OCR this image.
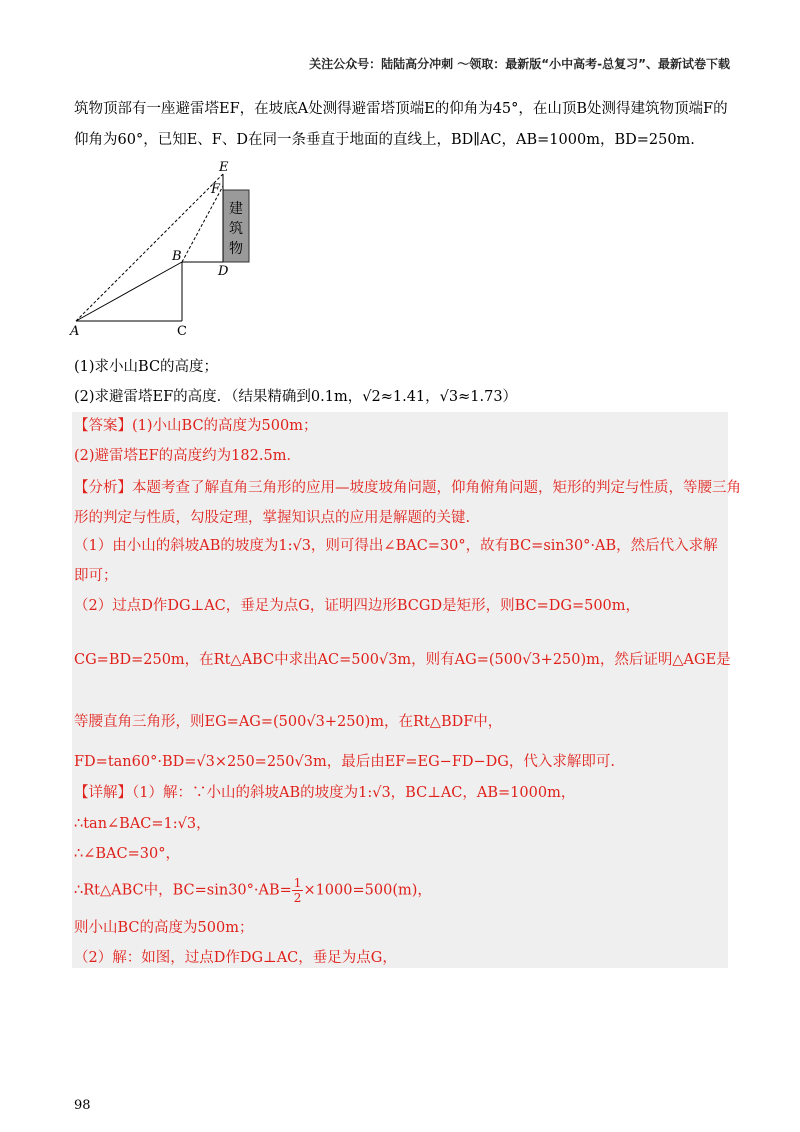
关注公众号：陆陆高分冲刺 〜领取：最新版“小中高考-总复习”、最新试卷下载
筑物顶部有一座避雷塔EF，在坡底A处测得避雷塔顶端E的仰角为45°，在山顶B处测得建筑物顶端F的
仰角为60°，已知E、F、D在同一条垂直于地面的直线上，BD∥AC，AB=1000m，BD=250m.
建
筑
物
E
F
B
D
A	C
(1)求小山BC的高度；
(2)求避雷塔EF的高度．（结果精确到0.1m，√2≈1.41，√3≈1.73）
【答案】(1)小山BC的高度为500m；
(2)避雷塔EF的高度约为182.5m．
【分析】本题考查了解直角三角形的应用—坡度坡角问题，仰角俯角问题，矩形的判定与性质，等腰三角
形的判定与性质，勾股定理，掌握知识点的应用是解题的关键.
（1）由小山的斜坡AB的坡度为1:√3，则可得出∠BAC=30°，故有BC=sin30°·AB，然后代入求解
即可；
（2）过点D作DG⊥AC，垂足为点G，证明四边形BCGD是矩形，则BC=DG=500m，
CG=BD=250m，在Rt△ABC中求出AC=500√3m，则有AG=(500√3+250)m，然后证明△AGE是
等腰直角三角形，则EG=AG=(500√3+250)m，在Rt△BDF中，
FD=tan60°·BD=√3×250=250√3m，最后由EF=EG−FD−DG，代入求解即可.
【详解】（1）解：∵小山的斜坡AB的坡度为1:√3，BC⊥AC，AB=1000m，
∴tan∠BAC=1:√3，
∴∠BAC=30°，
∴Rt△ABC中，$BC=\sin 30^\circ\cdot AB= \frac{1}{2} \times 1000=500(m)$，
则小山BC的高度为500m；
（2）解：如图，过点D作DG⊥AC，垂足为点G，
98
